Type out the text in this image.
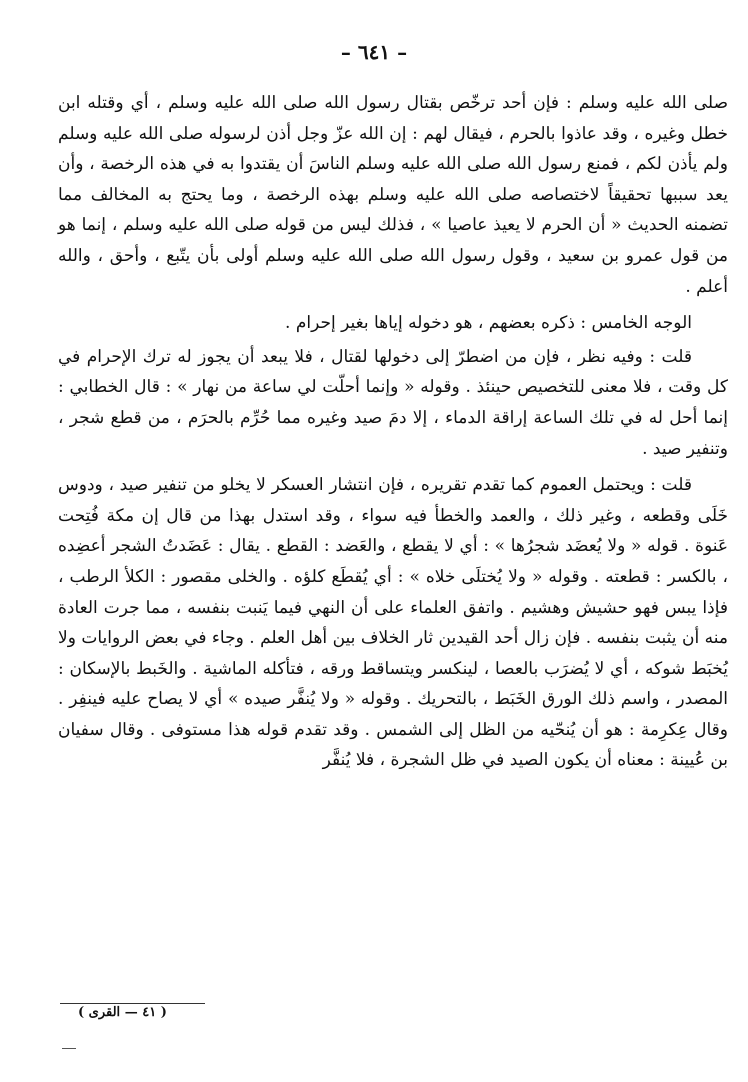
– ٦٤١ –

صلى الله عليه وسلم : فإن أحد ترخّص بقتال رسول الله صلى الله عليه وسلم ، أي وقتله ابن خطل وغيره ، وقد عاذوا بالحرم ، فيقال لهم : إن الله عزّ وجل أذن لرسوله صلى الله عليه وسلم ولم يأذن لكم ، فمنع رسول الله صلى الله عليه وسلم الناسَ أن يقتدوا به في هذه الرخصة ، وأن يعد سببها تحقيقاً لاختصاصه صلى الله عليه وسلم بهذه الرخصة ، وما يحتج به المخالف مما تضمنه الحديث « أن الحرم لا يعيذ عاصيا » ، فذلك ليس من قوله صلى الله عليه وسلم ، إنما هو من قول عمرو بن سعيد ، وقول رسول الله صلى الله عليه وسلم أولى بأن يتّبع ، وأحق ، والله أعلم .

الوجه الخامس : ذكره بعضهم ، هو دخوله إياها بغير إحرام .

قلت : وفيه نظر ، فإن من اضطرّ إلى دخولها لقتال ، فلا يبعد أن يجوز له ترك الإحرام في كل وقت ، فلا معنى للتخصيص حينئذ . وقوله « وإنما أحلّت لي ساعة من نهار » : قال الخطابي : إنما أحل له في تلك الساعة إراقة الدماء ، إلا دمَ صيد وغيره مما حُرِّم بالحرَم ، من قطع شجر ، وتنفير صيد .

قلت : ويحتمل العموم كما تقدم تقريره ، فإن انتشار العسكر لا يخلو من تنفير صيد ، ودوس خَلَى وقطعه ، وغير ذلك ، والعمد والخطأ فيه سواء ، وقد استدل بهذا من قال إن مكة فُتِحت عَنوة . قوله « ولا يُعضَد شجرُها » : أي لا يقطع ، والعَضد : القطع . يقال : عَضَدتُ الشجر أعضِده ، بالكسر : قطعته . وقوله « ولا يُختلَى خلاه » : أي يُقطَع كلؤه . والخلى مقصور : الكلأ الرطب ، فإذا يبس فهو حشيش وهشيم . واتفق العلماء على أن النهي فيما يَنبت بنفسه ، مما جرت العادة منه أن يثبت بنفسه . فإن زال أحد القيدين ثار الخلاف بين أهل العلم . وجاء في بعض الروايات ولا يُخبَط شوكه ، أي لا يُضرَب بالعصا ، لينكسر ويتساقط ورقه ، فتأكله الماشية . والخَبط بالإسكان : المصدر ، واسم ذلك الورق الخَبَط ، بالتحريك . وقوله « ولا يُنفَّر صيده » أي لا يصاح عليه فينفِر . وقال عِكرِمة : هو أن يُنحّيه من الظل إلى الشمس . وقد تقدم قوله هذا مستوفى . وقال سفيان بن عُيينة : معناه أن يكون الصيد في ظل الشجرة ، فلا يُنفَّر

( ٤١ — القرى )
